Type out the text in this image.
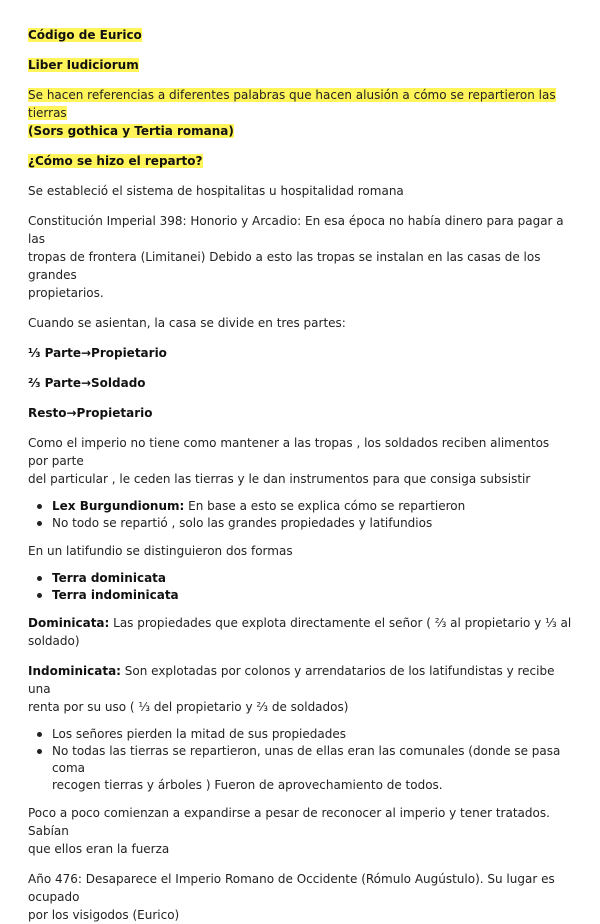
Código de Eurico

Liber Iudiciorum

Se hacen referencias a diferentes palabras que hacen alusión a cómo se repartieron las tierras
(Sors gothica y Tertia romana)

¿Cómo se hizo el reparto?

Se estableció el sistema de hospitalitas u hospitalidad romana

Constitución Imperial 398: Honorio y Arcadio: En esa época no había dinero para pagar a las
tropas de frontera (Limitanei) Debido a esto las tropas se instalan en las casas de los grandes
propietarios.

Cuando se asientan, la casa se divide en tres partes:

⅓ Parte→Propietario

⅔ Parte→Soldado

Resto→Propietario

Como el imperio no tiene como mantener a las tropas , los soldados reciben alimentos por parte
del particular , le ceden las tierras y le dan instrumentos para que consiga subsistir

Lex Burgundionum: En base a esto se explica cómo se repartieron
No todo se repartió , solo las grandes propiedades y latifundios

En un latifundio se distinguieron dos formas

Terra dominicata
Terra indominicata

Dominicata: Las propiedades que explota directamente el señor ( ⅔ al propietario y ⅓ al
soldado)

Indominicata: Son explotadas por colonos y arrendatarios de los latifundistas y recibe una
renta por su uso ( ⅓ del propietario y ⅔ de soldados)

Los señores pierden la mitad de sus propiedades
No todas las tierras se repartieron, unas de ellas eran las comunales (donde se pasa coma
recogen tierras y árboles ) Fueron de aprovechamiento de todos.

Poco a poco comienzan a expandirse a pesar de reconocer al imperio y tener tratados. Sabían
que ellos eran la fuerza

Año 476: Desaparece el Imperio Romano de Occidente (Rómulo Augústulo). Su lugar es ocupado
por los visigodos (Eurico)
